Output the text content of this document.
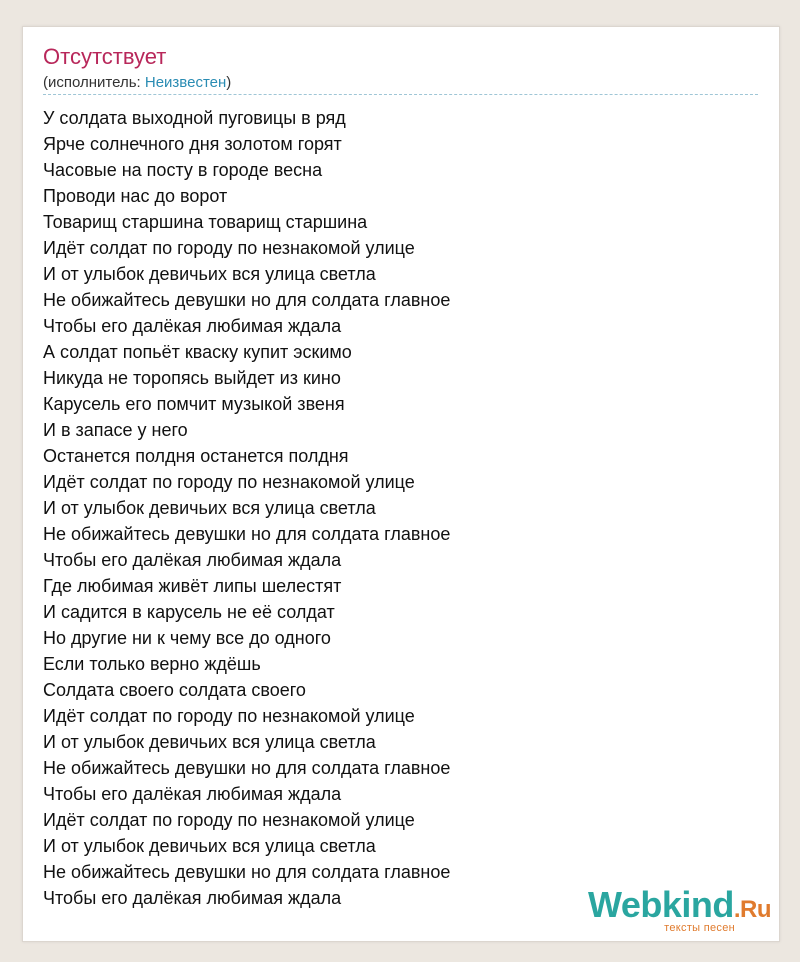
Отсутствует
(исполнитель: Неизвестен)
У солдата выходной пуговицы в ряд
Ярче солнечного дня золотом горят
Часовые на посту в городе весна
Проводи нас до ворот
Товарищ старшина товарищ старшина
Идёт солдат по городу по незнакомой улице
И от улыбок девичьих вся улица светла
Не обижайтесь девушки но для солдата главное
Чтобы его далёкая любимая ждала
А солдат попьёт кваску купит эскимо
Никуда не торопясь выйдет из кино
Карусель его помчит музыкой звеня
И в запасе у него
Останется полдня останется полдня
Идёт солдат по городу по незнакомой улице
И от улыбок девичьих вся улица светла
Не обижайтесь девушки но для солдата главное
Чтобы его далёкая любимая ждала
Где любимая живёт липы шелестят
И садится в карусель не её солдат
Но другие ни к чему все до одного
Если только верно ждёшь
Солдата своего солдата своего
Идёт солдат по городу по незнакомой улице
И от улыбок девичьих вся улица светла
Не обижайтесь девушки но для солдата главное
Чтобы его далёкая любимая ждала
Идёт солдат по городу по незнакомой улице
И от улыбок девичьих вся улица светла
Не обижайтесь девушки но для солдата главное
Чтобы его далёкая любимая ждала	Webkind.Ru
тексты песен
